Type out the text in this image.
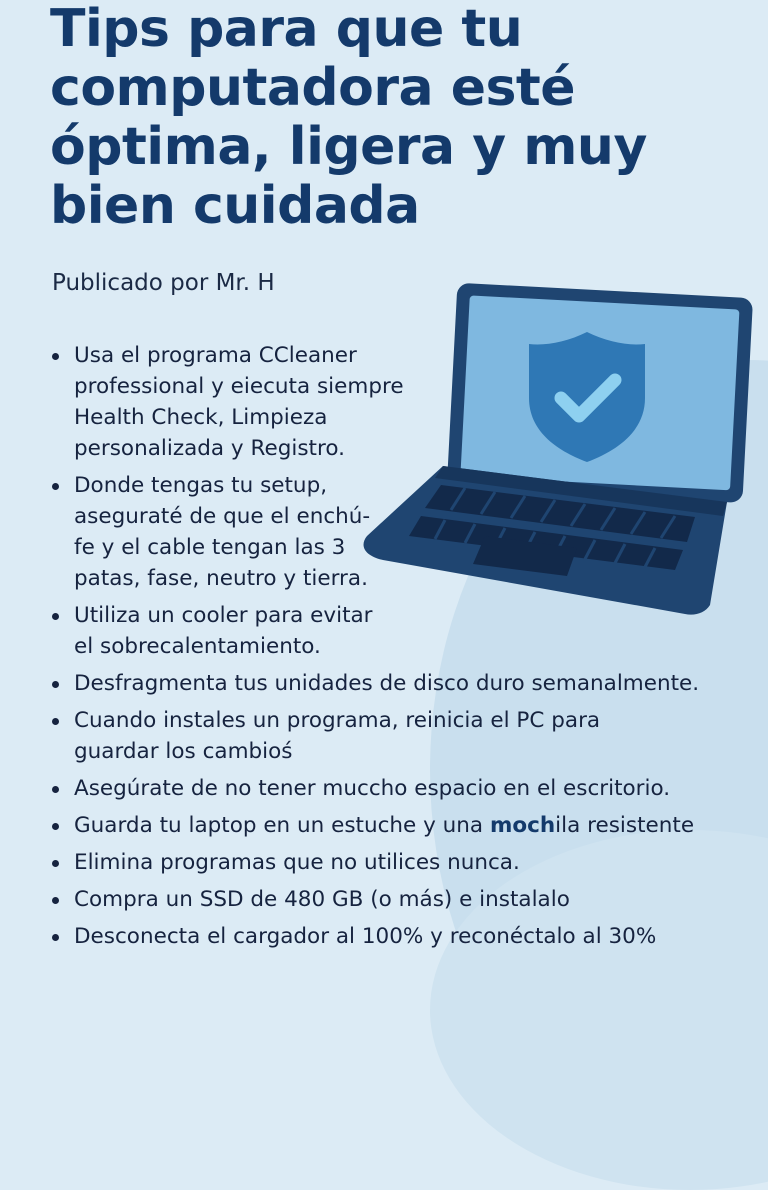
Tips para que tu
computadora esté
óptima, ligera y muy
bien cuidada
Publicado por Mr. H
Usa el programa CCleaner
professional y eiecuta siempre
Health Check, Limpieza
personalizada y Registro.
Donde tengas tu setup,
asegurаté de que el enchú-
fe y el cable tengan las 3
patas, fase, neutro y tierra.
Utiliza un cooler para evitar
el sobrecalentamiento.
Desfragmenta tus unidades de disco duro semanalmente.
Cuando instales un programa, reinicia el PC para
guardar los cambioś
Asegúrate de no tener muccho espacio en el escritorio.
Guarda tu laptop en un estuche y una mochila resistente
Elimina programas que no utilices nunca.
Compra un SSD de 480 GB (o más) e instalalo
Desconecta el cargador al 100% y reconéctalo al 30%
